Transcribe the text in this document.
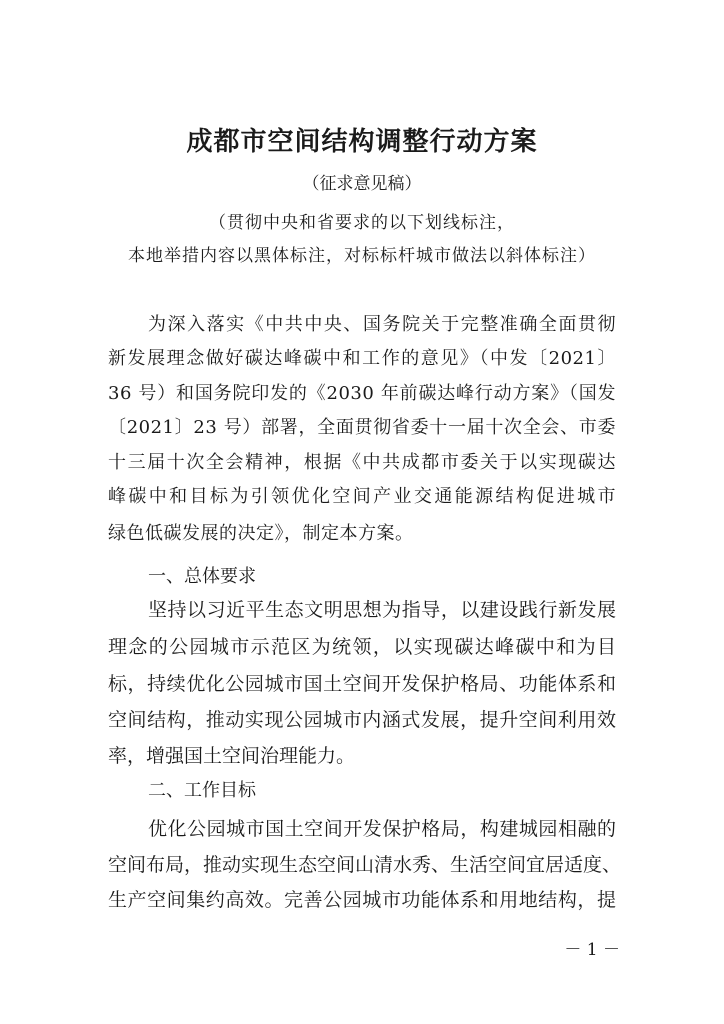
成都市空间结构调整行动方案
（征求意见稿）
（贯彻中央和省要求的以下划线标注，
本地举措内容以黑体标注，对标标杆城市做法以斜体标注）
为深入落实《中共中央、国务院关于完整准确全面贯彻
新发展理念做好碳达峰碳中和工作的意见》（中发〔2021〕
36 号）和国务院印发的《2030 年前碳达峰行动方案》（国发
〔2021〕23 号）部署，全面贯彻省委十一届十次全会、市委
十三届十次全会精神，根据《中共成都市委关于以实现碳达
峰碳中和目标为引领优化空间产业交通能源结构促进城市
绿色低碳发展的决定》，制定本方案。
一、总体要求
坚持以习近平生态文明思想为指导，以建设践行新发展
理念的公园城市示范区为统领，以实现碳达峰碳中和为目
标，持续优化公园城市国土空间开发保护格局、功能体系和
空间结构，推动实现公园城市内涵式发展，提升空间利用效
率，增强国土空间治理能力。
二、工作目标
优化公园城市国土空间开发保护格局，构建城园相融的
空间布局，推动实现生态空间山清水秀、生活空间宜居适度、
生产空间集约高效。完善公园城市功能体系和用地结构，提
－ 1 －
